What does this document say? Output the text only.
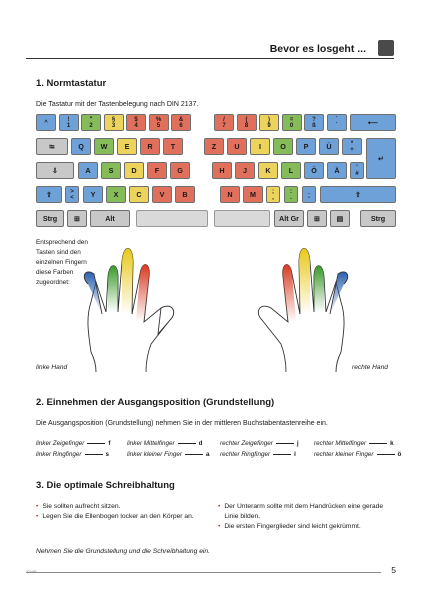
Bevor es losgeht ...
1. Normtastatur
Die Tastatur mit der Tastenbelegung nach DIN 2137.
^	!
1
"
2
§
3
$
4
%
5
&
6
/
7
(
8
)
9
=
0
?
ß
`
´	⟵
⭾	Q W E	R	T	Z	U	I	O P	Ü	*
+
↵
⇩	A	S	D	F	G	H	J	K	L	Ö Ä	'
#
⇧	>
< Y	X	C	V	B	N M	;
,
:
.
_
-	⇧
Strg ⊞	Alt	Alt Gr ⊞ ▤	Strg
Entsprechend den Tasten sind den einzelnen Fingern diese Farben zugeordnet:
linke Hand	rechte Hand
2. Einnehmen der Ausgangsposition (Grundstellung)
Die Ausgangsposition (Grundstellung) nehmen Sie in der mittleren Buchstabentastenreihe ein.
linker Zeigefinger	f	linker Mittelfinger	d	rechter Zeigefinger	j rechter Mittelfinger	k
linker Ringfinger	s	linker kleiner Finger	a rechter Ringfinger	l	rechter kleiner Finger	ö
3. Die optimale Schreibhaltung
• Sie sollten aufrecht sitzen.
• Legen Sie die Ellenbogen locker an den Körper an.
• Der Unterarm sollte mit dem Handrücken eine gerade Linie bilden.
• Die ersten Fingerglieder sind leicht gekrümmt.
Nehmen Sie die Grundstellung und die Schreibhaltung ein.
11105	5
